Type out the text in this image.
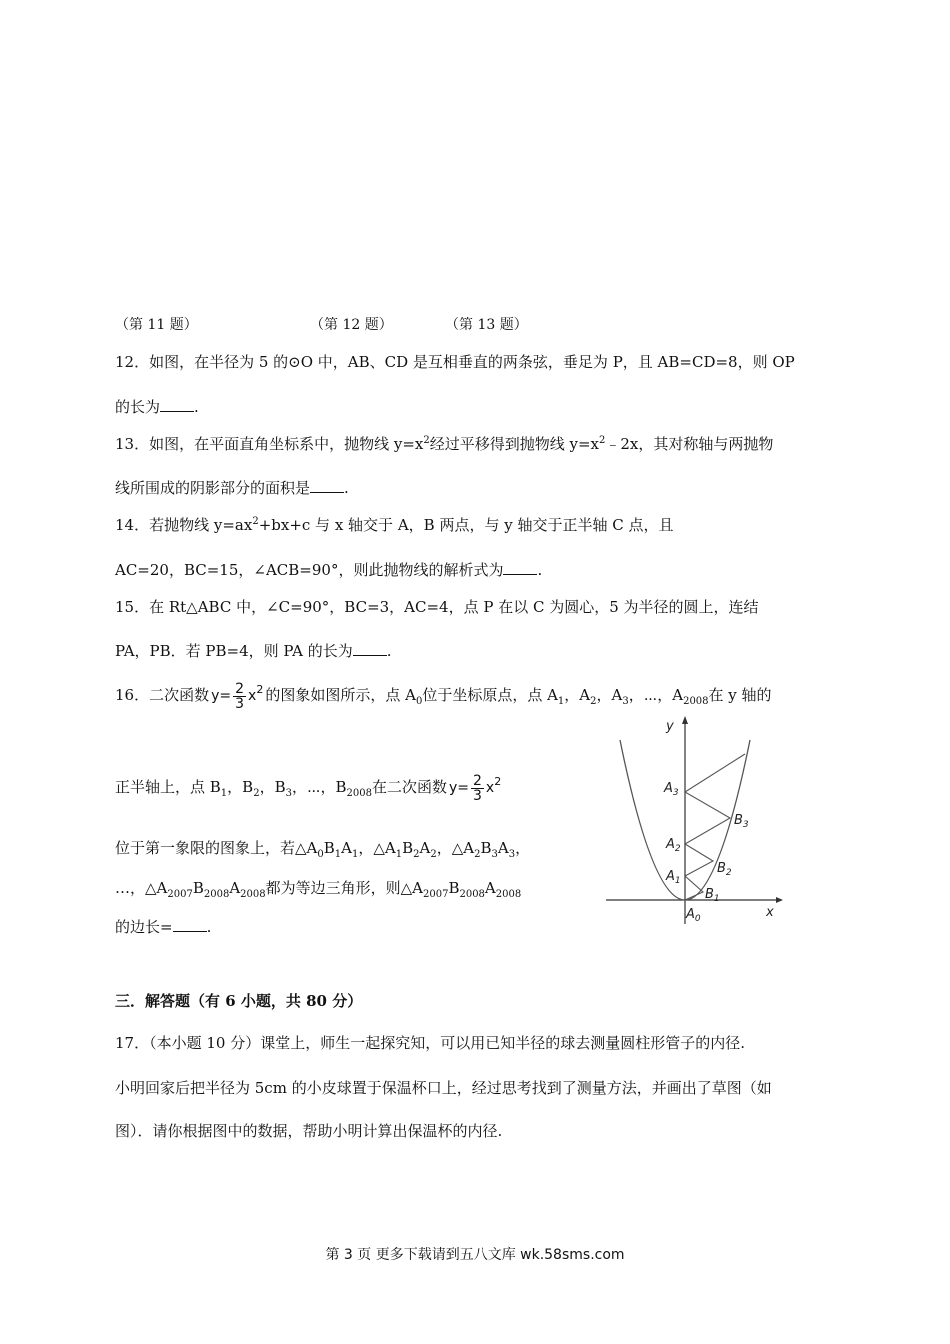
（第 11 题）	（第 12 题）	（第 13 题）
12．如图，在半径为 5 的⊙O 中，AB、CD 是互相垂直的两条弦，垂足为 P，且 AB=CD=8，则 OP
的长为 .
13．如图，在平面直角坐标系中，抛物线 $y=x^2$经过平移得到抛物线 $y=x^2﹣2x$，其对称轴与两抛物
线所围成的阴影部分的面积是 .
14．若抛物线 $y=ax^2+bx+c$ 与 x 轴交于 A，B 两点，与 y 轴交于正半轴 C 点，且
AC=20，BC=15，∠ACB=90°，则此抛物线的解析式为 .
15．在 Rt△ABC 中，∠C=90°，BC=3，AC=4，点 P 在以 C 为圆心，5 为半径的圆上，连结
PA，PB．若 PB=4，则 PA 的长为 .
16．二次函数 $y= \frac{2}{3} x^2$ 的图象如图所示，点 $A_0$位于坐标原点，点 $A_1$，$A_2$，$A_3$，⋯，$A_{2008}$在 y 轴的
正半轴上，点 $B_1$，$B_2$，$B_3$，⋯，$B_{2008}$在二次函数 $y= \frac{2}{3} x^2$
位于第一象限的图象上，若$\triangle A_0B_1A_1$，$\triangle A_1B_2A_2$，$\triangle A_2B_3A_3$，
…，$\triangle A_{2007}B_{2008}A_{2008}$都为等边三角形，则$\triangle A_{2007}B_{2008}A_{2008}$
的边长= .
y
x
$A_0$
$A_1$
$A_2$
$A_3$
$B_1$
$B_2$
$B_3$
三．解答题（有 6 小题，共 80 分）
17．（本小题 10 分）课堂上，师生一起探究知，可以用已知半径的球去测量圆柱形管子的内径.
小明回家后把半径为 5cm 的小皮球置于保温杯口上，经过思考找到了测量方法，并画出了草图（如
图）．请你根据图中的数据，帮助小明计算出保温杯的内径.
第 3 页 更多下载请到五八文库 wk.58sms.com
